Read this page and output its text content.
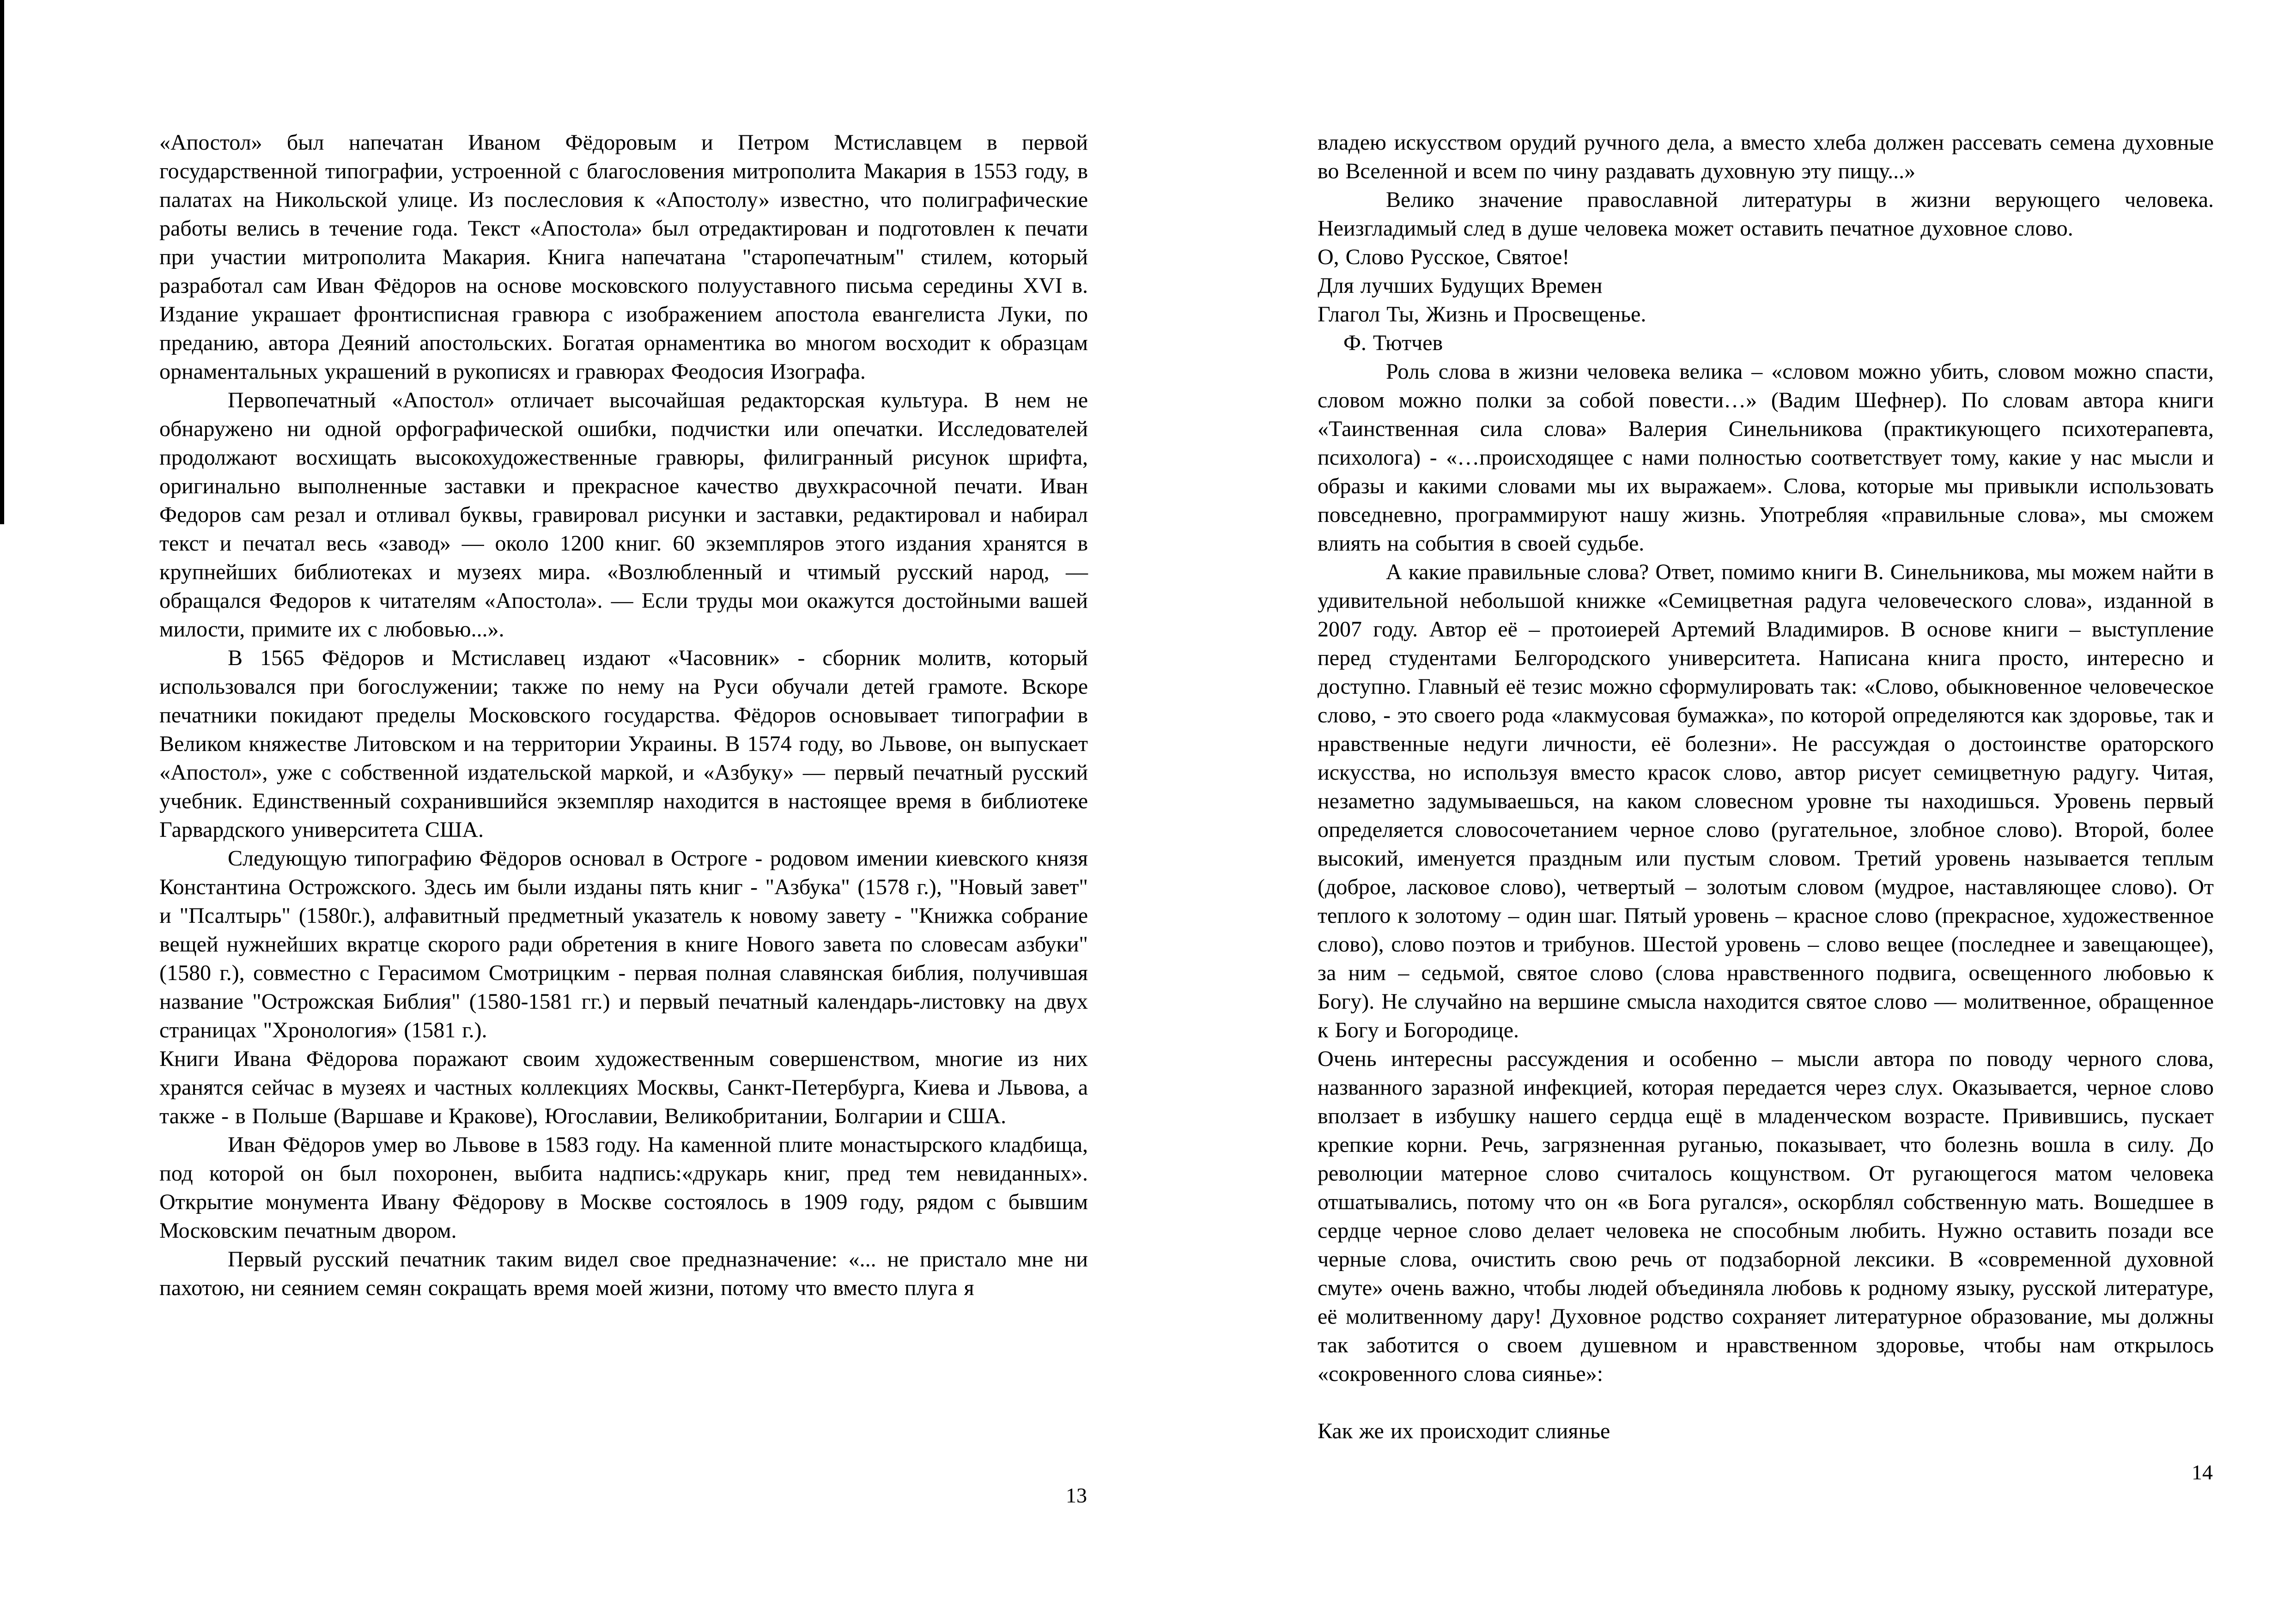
«Апостол» был напечатан Иваном Фёдоровым и Петром Мстиславцем в первой государственной типографии, устроенной с благословения митрополита Макария в 1553 году, в палатах на Никольской улице. Из послесловия к «Апостолу» известно, что полиграфические работы велись в течение года. Текст «Апостола» был отредактирован и подготовлен к печати при участии митрополита Макария. Книга напечатана "старопечатным" стилем, который разработал сам Иван Фёдоров на основе московского полууставного письма середины XVI в. Издание украшает фронтисписная гравюра с изображением апостола евангелиста Луки, по преданию, автора Деяний апостольских. Богатая орнаментика во многом восходит к образцам орнаментальных украшений в рукописях и гравюрах Феодосия Изографа.

Первопечатный «Апостол» отличает высочайшая редакторская культура. В нем не обнаружено ни одной орфографической ошибки, подчистки или опечатки. Исследователей продолжают восхищать высокохудожественные гравюры, филигранный рисунок шрифта, оригинально выполненные заставки и прекрасное качество двухкрасочной печати. Иван Федоров сам резал и отливал буквы, гравировал рисунки и заставки, редактировал и набирал текст и печатал весь «завод» — около 1200 книг. 60 экземпляров этого издания хранятся в крупнейших библиотеках и музеях мира. «Возлюбленный и чтимый русский народ, — обращался Федоров к читателям «Апостола». — Если труды мои окажутся достойными вашей милости, примите их с любовью...».

В 1565 Фёдоров и Мстиславец издают «Часовник» - сборник молитв, который использовался при богослужении; также по нему на Руси обучали детей грамоте. Вскоре печатники покидают пределы Московского государства. Фёдоров основывает типографии в Великом княжестве Литовском и на территории Украины. В 1574 году, во Львове, он выпускает «Апостол», уже с собственной издательской маркой, и «Азбуку» — первый печатный русский учебник. Единственный сохранившийся экземпляр находится в настоящее время в библиотеке Гарвардского университета США.

Следующую типографию Фёдоров основал в Остроге - родовом имении киевского князя Константина Острожского. Здесь им были изданы пять книг - "Азбука" (1578 г.), "Новый завет" и "Псалтырь" (1580г.), алфавитный предметный указатель к новому завету - "Книжка собрание вещей нужнейших вкратце скорого ради обретения в книге Нового завета по словесам азбуки" (1580 г.), совместно с Герасимом Смотрицким - первая полная славянская библия, получившая название "Острожская Библия" (1580-1581 гг.) и первый печатный календарь-листовку на двух страницах "Хронология» (1581 г.).

Книги Ивана Фёдорова поражают своим художественным совершенством, многие из них хранятся сейчас в музеях и частных коллекциях Москвы, Санкт-Петербурга, Киева и Львова, а также - в Польше (Варшаве и Кракове), Югославии, Великобритании, Болгарии и США.

Иван Фёдоров умер во Львове в 1583 году. На каменной плите монастырского кладбища, под которой он был похоронен, выбита надпись:«друкарь книг, пред тем невиданных». Открытие монумента Ивану Фёдорову в Москве состоялось в 1909 году, рядом с бывшим Московским печатным двором.

Первый русский печатник таким видел свое предназначение: «... не пристало мне ни пахотою, ни сеянием семян сокращать время моей жизни, потому что вместо плуга я

13

владею искусством орудий ручного дела, а вместо хлеба должен рассевать семена духовные во Вселенной и всем по чину раздавать духовную эту пищу...»

Велико значение православной литературы в жизни верующего человека. Неизгладимый след в душе человека может оставить печатное духовное слово.

О, Слово Русское, Святое!

Для лучших Будущих Времен

Глагол Ты, Жизнь и Просвещенье.

Ф. Тютчев

Роль слова в жизни человека велика – «словом можно убить, словом можно спасти, словом можно полки за собой повести…» (Вадим Шефнер). По словам автора книги «Таинственная сила слова» Валерия Синельникова (практикующего психотерапевта, психолога) - «…происходящее с нами полностью соответствует тому, какие у нас мысли и образы и какими словами мы их выражаем». Слова, которые мы привыкли использовать повседневно, программируют нашу жизнь. Употребляя «правильные слова», мы сможем влиять на события в своей судьбе.

А какие правильные слова? Ответ, помимо книги В. Синельникова, мы можем найти в удивительной небольшой книжке «Семицветная радуга человеческого слова», изданной в 2007 году. Автор её – протоиерей Артемий Владимиров. В основе книги – выступление перед студентами Белгородского университета. Написана книга просто, интересно и доступно. Главный её тезис можно сформулировать так: «Слово, обыкновенное человеческое слово, - это своего рода «лакмусовая бумажка», по которой определяются как здоровье, так и нравственные недуги личности, её болезни». Не рассуждая о достоинстве ораторского искусства, но используя вместо красок слово, автор рисует семицветную радугу. Читая, незаметно задумываешься, на каком словесном уровне ты находишься. Уровень первый определяется словосочетанием черное слово (ругательное, злобное слово). Второй, более высокий, именуется праздным или пустым словом. Третий уровень называется теплым (доброе, ласковое слово), четвертый – золотым словом (мудрое, наставляющее слово). От теплого к золотому – один шаг. Пятый уровень – красное слово (прекрасное, художественное слово), слово поэтов и трибунов. Шестой уровень – слово вещее (последнее и завещающее), за ним – седьмой, святое слово (слова нравственного подвига, освещенного любовью к Богу). Не случайно на вершине смысла находится святое слово — молитвенное, обращенное к Богу и Богородице.

Очень интересны рассуждения и особенно – мысли автора по поводу черного слова, названного заразной инфекцией, которая передается через слух. Оказывается, черное слово вползает в избушку нашего сердца ещё в младенческом возрасте. Привившись, пускает крепкие корни. Речь, загрязненная руганью, показывает, что болезнь вошла в силу. До революции матерное слово считалось кощунством. От ругающегося матом человека отшатывались, потому что он «в Бога ругался», оскорблял собственную мать. Вошедшее в сердце черное слово делает человека не способным любить. Нужно оставить позади все черные слова, очистить свою речь от подзаборной лексики. В «современной духовной смуте» очень важно, чтобы людей объединяла любовь к родному языку, русской литературе, её молитвенному дару! Духовное родство сохраняет литературное образование, мы должны так заботится о своем душевном и нравственном здоровье, чтобы нам открылось «сокровенного слова сиянье»:

Как же их происходит слиянье

14
